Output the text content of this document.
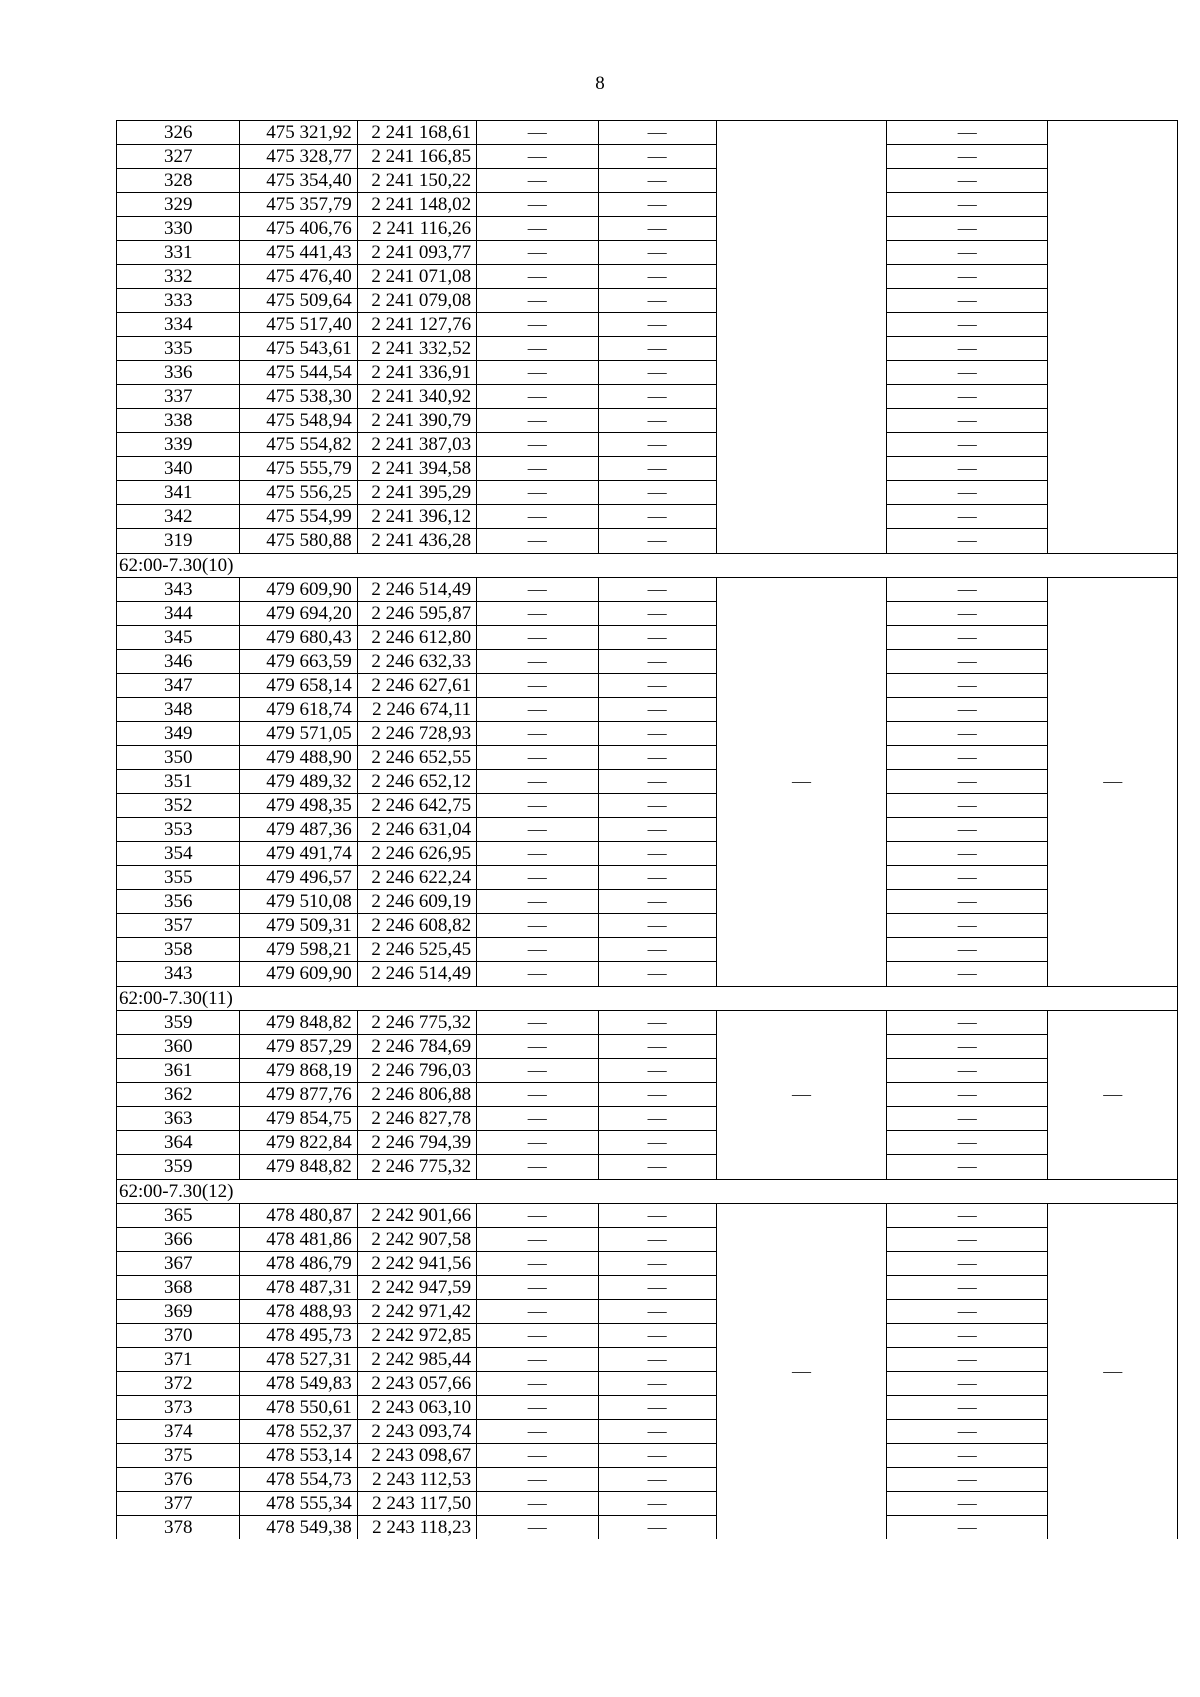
8
326	475 321,92	2 241 168,61	—	—		—	
327	475 328,77	2 241 166,85	—	—		—	
328	475 354,40	2 241 150,22	—	—		—	
329	475 357,79	2 241 148,02	—	—		—	
330	475 406,76	2 241 116,26	—	—		—	
331	475 441,43	2 241 093,77	—	—		—	
332	475 476,40	2 241 071,08	—	—		—	
333	475 509,64	2 241 079,08	—	—		—	
334	475 517,40	2 241 127,76	—	—		—	
335	475 543,61	2 241 332,52	—	—		—	
336	475 544,54	2 241 336,91	—	—		—	
337	475 538,30	2 241 340,92	—	—		—	
338	475 548,94	2 241 390,79	—	—		—	
339	475 554,82	2 241 387,03	—	—		—	
340	475 555,79	2 241 394,58	—	—		—	
341	475 556,25	2 241 395,29	—	—		—	
342	475 554,99	2 241 396,12	—	—		—	
319	475 580,88	2 241 436,28	—	—		—	
62:00-7.30(10)							
343	479 609,90	2 246 514,49	—	—	—	—	—
344	479 694,20	2 246 595,87	—	—		—	
345	479 680,43	2 246 612,80	—	—		—	
346	479 663,59	2 246 632,33	—	—		—	
347	479 658,14	2 246 627,61	—	—		—	
348	479 618,74	2 246 674,11	—	—		—	
349	479 571,05	2 246 728,93	—	—		—	
350	479 488,90	2 246 652,55	—	—		—	
351	479 489,32	2 246 652,12	—	—		—	
352	479 498,35	2 246 642,75	—	—		—	
353	479 487,36	2 246 631,04	—	—		—	
354	479 491,74	2 246 626,95	—	—		—	
355	479 496,57	2 246 622,24	—	—		—	
356	479 510,08	2 246 609,19	—	—		—	
357	479 509,31	2 246 608,82	—	—		—	
358	479 598,21	2 246 525,45	—	—		—	
343	479 609,90	2 246 514,49	—	—		—	
62:00-7.30(11)							
359	479 848,82	2 246 775,32	—	—	—	—	—
360	479 857,29	2 246 784,69	—	—		—	
361	479 868,19	2 246 796,03	—	—		—	
362	479 877,76	2 246 806,88	—	—		—	
363	479 854,75	2 246 827,78	—	—		—	
364	479 822,84	2 246 794,39	—	—		—	
359	479 848,82	2 246 775,32	—	—		—	
62:00-7.30(12)							
365	478 480,87	2 242 901,66	—	—	—	—	—
366	478 481,86	2 242 907,58	—	—		—	
367	478 486,79	2 242 941,56	—	—		—	
368	478 487,31	2 242 947,59	—	—		—	
369	478 488,93	2 242 971,42	—	—		—	
370	478 495,73	2 242 972,85	—	—		—	
371	478 527,31	2 242 985,44	—	—		—	
372	478 549,83	2 243 057,66	—	—		—	
373	478 550,61	2 243 063,10	—	—		—	
374	478 552,37	2 243 093,74	—	—		—	
375	478 553,14	2 243 098,67	—	—		—	
376	478 554,73	2 243 112,53	—	—		—	
377	478 555,34	2 243 117,50	—	—		—	
378	478 549,38	2 243 118,23	—	—		—	
